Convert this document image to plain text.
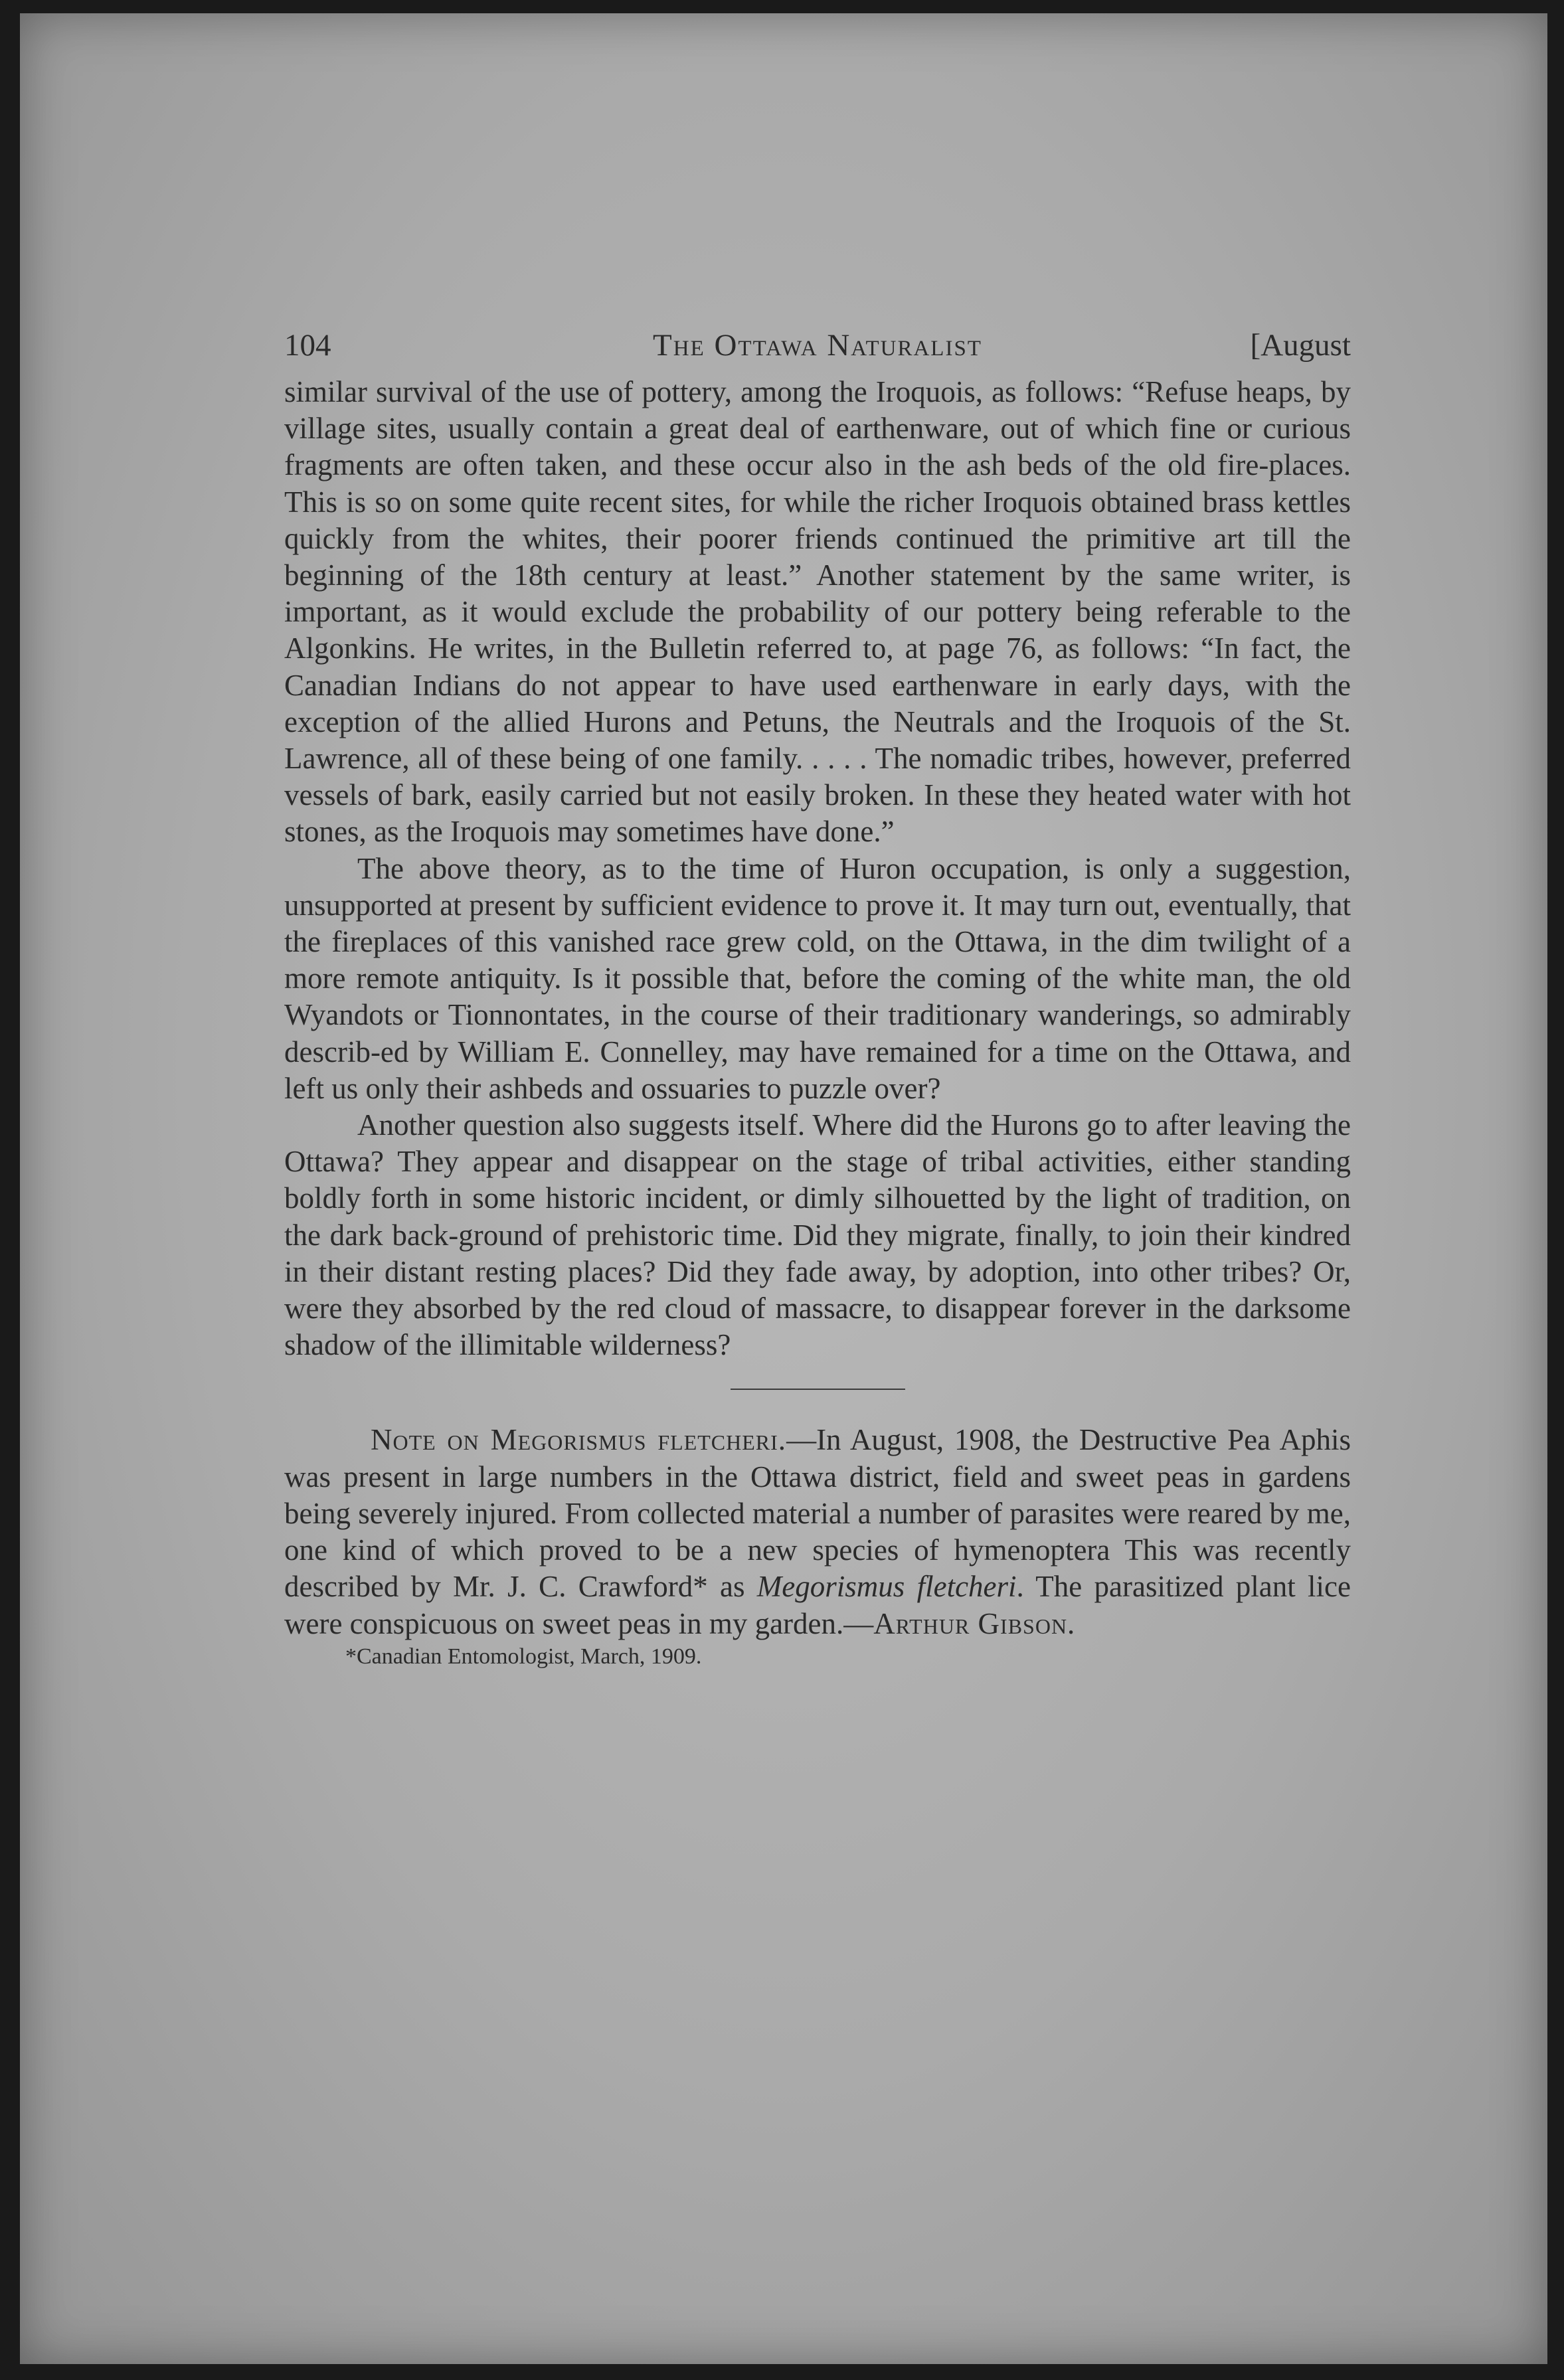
104	The Ottawa Naturalist	[August

similar survival of the use of pottery, among the Iroquois, as follows: “Refuse heaps, by village sites, usually contain a great deal of earthenware, out of which fine or curious fragments are often taken, and these occur also in the ash beds of the old fire-places. This is so on some quite recent sites, for while the richer Iroquois obtained brass kettles quickly from the whites, their poorer friends continued the primitive art till the beginning of the 18th century at least.” Another statement by the same writer, is important, as it would exclude the probability of our pottery being referable to the Algonkins. He writes, in the Bulletin referred to, at page 76, as follows: “In fact, the Canadian Indians do not appear to have used earthenware in early days, with the exception of the allied Hurons and Petuns, the Neutrals and the Iroquois of the St. Lawrence, all of these being of one family. . . . . The nomadic tribes, however, preferred vessels of bark, easily carried but not easily broken. In these they heated water with hot stones, as the Iroquois may sometimes have done.”

The above theory, as to the time of Huron occupation, is only a suggestion, unsupported at present by sufficient evidence to prove it. It may turn out, eventually, that the fireplaces of this vanished race grew cold, on the Ottawa, in the dim twilight of a more remote antiquity. Is it possible that, before the coming of the white man, the old Wyandots or Tionnontates, in the course of their traditionary wanderings, so admirably describ-ed by William E. Connelley, may have remained for a time on the Ottawa, and left us only their ashbeds and ossuaries to puzzle over?

Another question also suggests itself. Where did the Hurons go to after leaving the Ottawa? They appear and disappear on the stage of tribal activities, either standing boldly forth in some historic incident, or dimly silhouetted by the light of tradition, on the dark back-ground of prehistoric time. Did they migrate, finally, to join their kindred in their distant resting places? Did they fade away, by adoption, into other tribes? Or, were they absorbed by the red cloud of massacre, to disappear forever in the darksome shadow of the illimitable wilderness?

Note on Megorismus fletcheri.—In August, 1908, the Destructive Pea Aphis was present in large numbers in the Ottawa district, field and sweet peas in gardens being severely injured. From collected material a number of parasites were reared by me, one kind of which proved to be a new species of hymenoptera This was recently described by Mr. J. C. Crawford* as Megorismus fletcheri. The parasitized plant lice were conspicuous on sweet peas in my garden.—Arthur Gibson.

*Canadian Entomologist, March, 1909.
